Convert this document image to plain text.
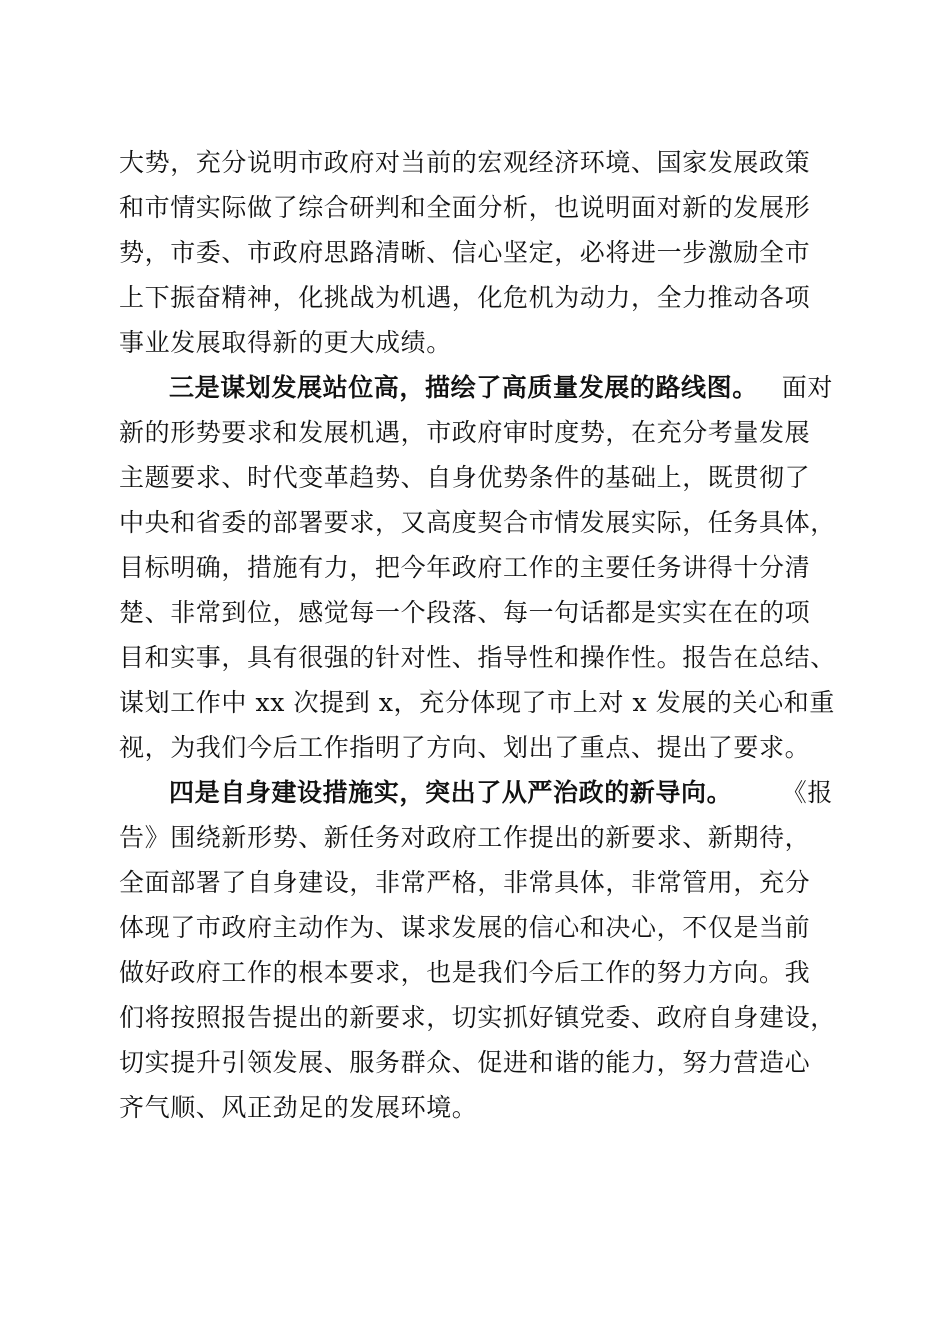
大势，充分说明市政府对当前的宏观经济环境、国家发展政策
和市情实际做了综合研判和全面分析，也说明面对新的发展形
势，市委、市政府思路清晰、信心坚定，必将进一步激励全市
上下振奋精神，化挑战为机遇，化危机为动力，全力推动各项
事业发展取得新的更大成绩。
三是谋划发展站位高，描绘了高质量发展的路线图。 面对
新的形势要求和发展机遇，市政府审时度势，在充分考量发展
主题要求、时代变革趋势、自身优势条件的基础上，既贯彻了
中央和省委的部署要求，又高度契合市情发展实际，任务具体，
目标明确，措施有力，把今年政府工作的主要任务讲得十分清
楚、非常到位，感觉每一个段落、每一句话都是实实在在的项
目和实事，具有很强的针对性、指导性和操作性。报告在总结、
谋划工作中 xx 次提到 x，充分体现了市上对 x 发展的关心和重
视，为我们今后工作指明了方向、划出了重点、提出了要求。
四是自身建设措施实，突出了从严治政的新导向。 《报
告》围绕新形势、新任务对政府工作提出的新要求、新期待，
全面部署了自身建设，非常严格，非常具体，非常管用，充分
体现了市政府主动作为、谋求发展的信心和决心，不仅是当前
做好政府工作的根本要求，也是我们今后工作的努力方向。我
们将按照报告提出的新要求，切实抓好镇党委、政府自身建设，
切实提升引领发展、服务群众、促进和谐的能力，努力营造心
齐气顺、风正劲足的发展环境。
